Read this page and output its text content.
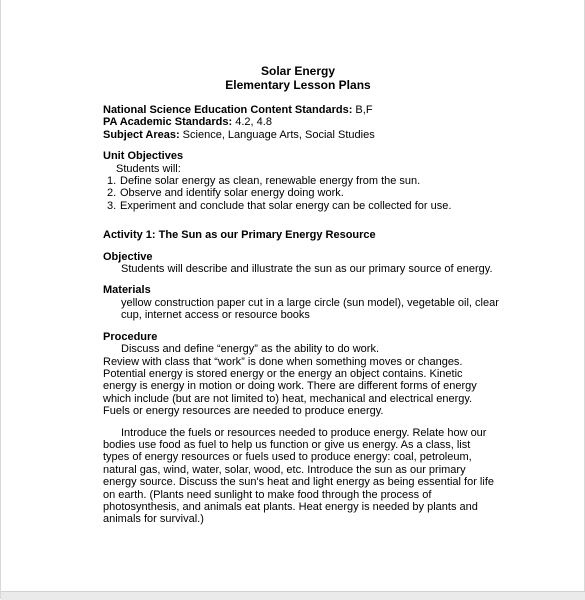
Solar Energy
Elementary Lesson Plans
National Science Education Content Standards: B,F
PA Academic Standards: 4.2, 4.8
Subject Areas: Science, Language Arts, Social Studies
Unit Objectives
Students will:
1. Define solar energy as clean, renewable energy from the sun.
2. Observe and identify solar energy doing work.
3. Experiment and conclude that solar energy can be collected for use.
Activity 1: The Sun as our Primary Energy Resource
Objective
Students will describe and illustrate the sun as our primary source of energy.
Materials
yellow construction paper cut in a large circle (sun model), vegetable oil, clear
cup, internet access or resource books
Procedure
Discuss and define “energy” as the ability to do work.
Review with class that “work” is done when something moves or changes.
Potential energy is stored energy or the energy an object contains. Kinetic
energy is energy in motion or doing work. There are different forms of energy
which include (but are not limited to) heat, mechanical and electrical energy.
Fuels or energy resources are needed to produce energy.
Introduce the fuels or resources needed to produce energy. Relate how our
bodies use food as fuel to help us function or give us energy. As a class, list
types of energy resources or fuels used to produce energy: coal, petroleum,
natural gas, wind, water, solar, wood, etc. Introduce the sun as our primary
energy source. Discuss the sun's heat and light energy as being essential for life
on earth. (Plants need sunlight to make food through the process of
photosynthesis, and animals eat plants. Heat energy is needed by plants and
animals for survival.)
